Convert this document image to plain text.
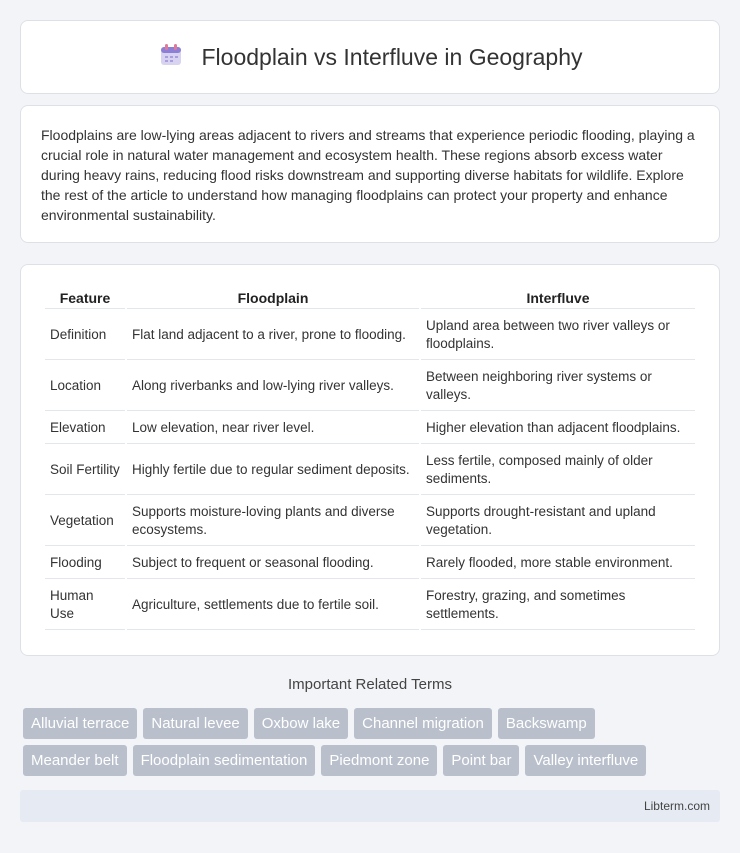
Floodplain vs Interfluve in Geography

Floodplains are low-lying areas adjacent to rivers and streams that experience periodic flooding, playing a crucial role in natural water management and ecosystem health. These regions absorb excess water during heavy rains, reducing flood risks downstream and supporting diverse habitats for wildlife. Explore the rest of the article to understand how managing floodplains can protect your property and enhance environmental sustainability.

Feature	Floodplain	Interfluve
Definition	Flat land adjacent to a river, prone to flooding.	Upland area between two river valleys or floodplains.
Location	Along riverbanks and low-lying river valleys.	Between neighboring river systems or valleys.
Elevation	Low elevation, near river level.	Higher elevation than adjacent floodplains.
Soil Fertility	Highly fertile due to regular sediment deposits.	Less fertile, composed mainly of older sediments.
Vegetation	Supports moisture-loving plants and diverse ecosystems.	Supports drought-resistant and upland vegetation.
Flooding	Subject to frequent or seasonal flooding.	Rarely flooded, more stable environment.
Human Use	Agriculture, settlements due to fertile soil.	Forestry, grazing, and sometimes settlements.
Important Related Terms
Alluvial terrace	Natural levee	Oxbow lake	Channel migration	Backswamp
Meander belt	Floodplain sedimentation	Piedmont zone	Point bar	Valley interfluve
Libterm.com
